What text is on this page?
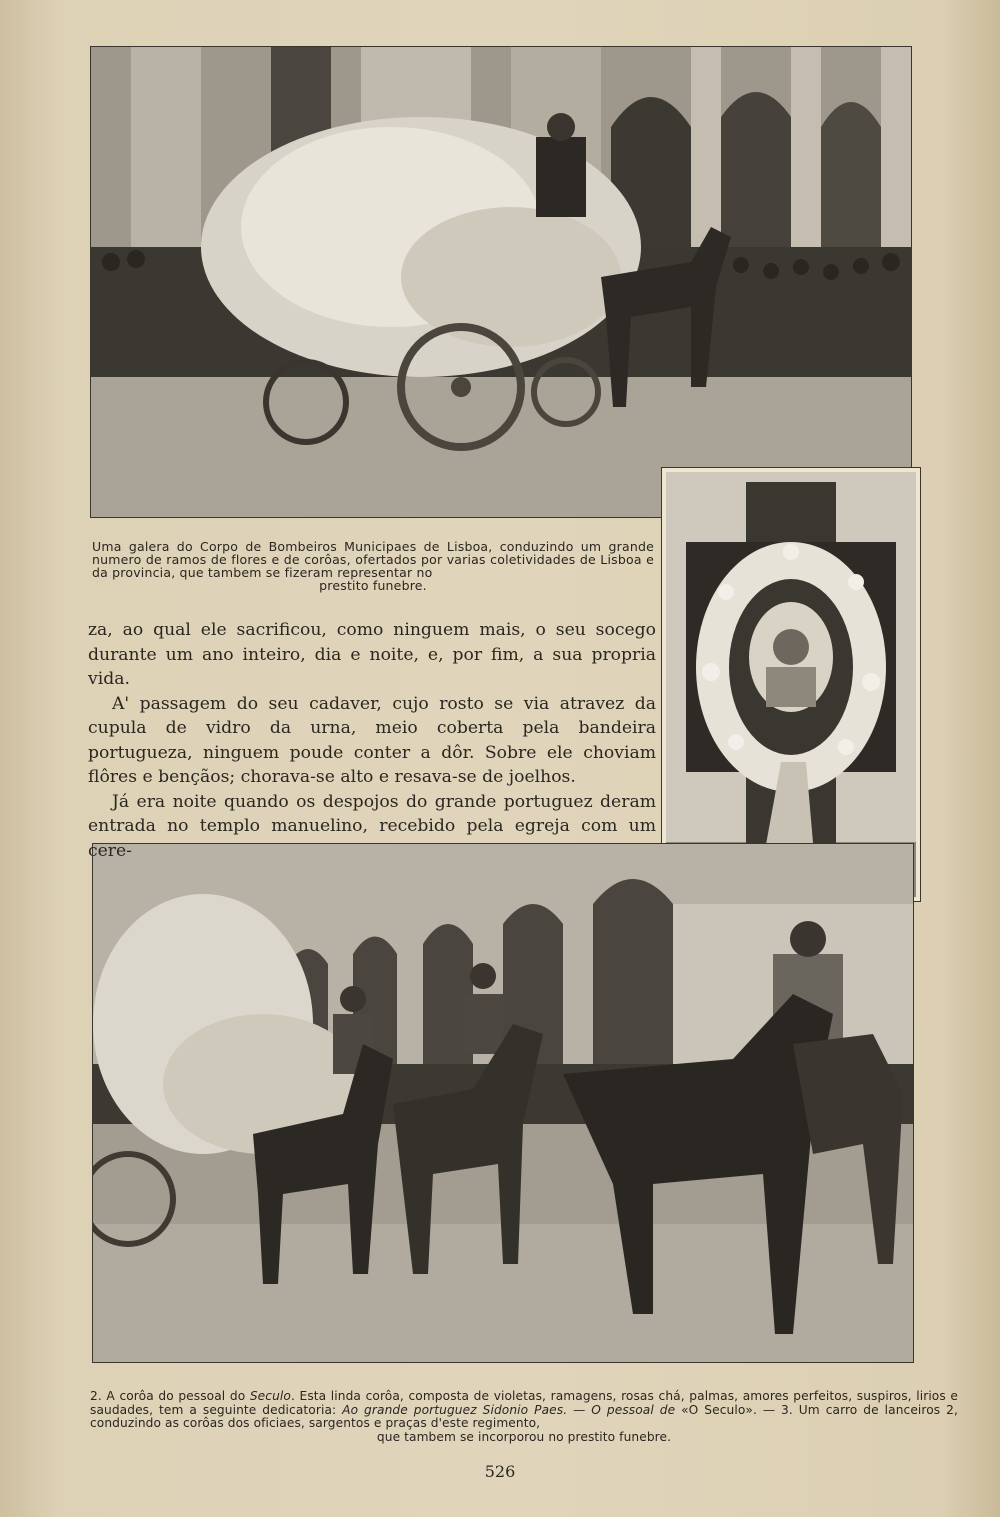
Uma galera do Corpo de Bombeiros Municipaes de Lisboa, conduzindo um grande numero de ramos de flores e de corôas, ofertados por varias coletividades de Lisboa e da provincia, que tambem se fizeram representar no
prestito funebre.

za, ao qual ele sacrificou, como ninguem mais, o seu socego durante um ano inteiro, dia e noite, e, por fim, a sua propria vida.

A' passagem do seu cadaver, cujo rosto se via atravez da cupula de vidro da urna, meio coberta pela bandeira portugueza, ninguem poude conter a dôr. Sobre ele choviam flôres e bençãos; chorava-se alto e resava-se de joelhos.

Já era noite quando os despojos do grande portuguez deram entrada no templo manuelino, recebido pela egreja com um cere-

2. A corôa do pessoal do Seculo. Esta linda corôa, composta de violetas, ramagens, rosas chá, palmas, amores perfeitos, suspiros, lirios e saudades, tem a seguinte dedicatoria: Ao grande portuguez Sidonio Paes. — O pessoal de «O Seculo». — 3. Um carro de lanceiros 2, conduzindo as corôas dos oficiaes, sargentos e praças d'este regimento,
que tambem se incorporou no prestito funebre.
526
